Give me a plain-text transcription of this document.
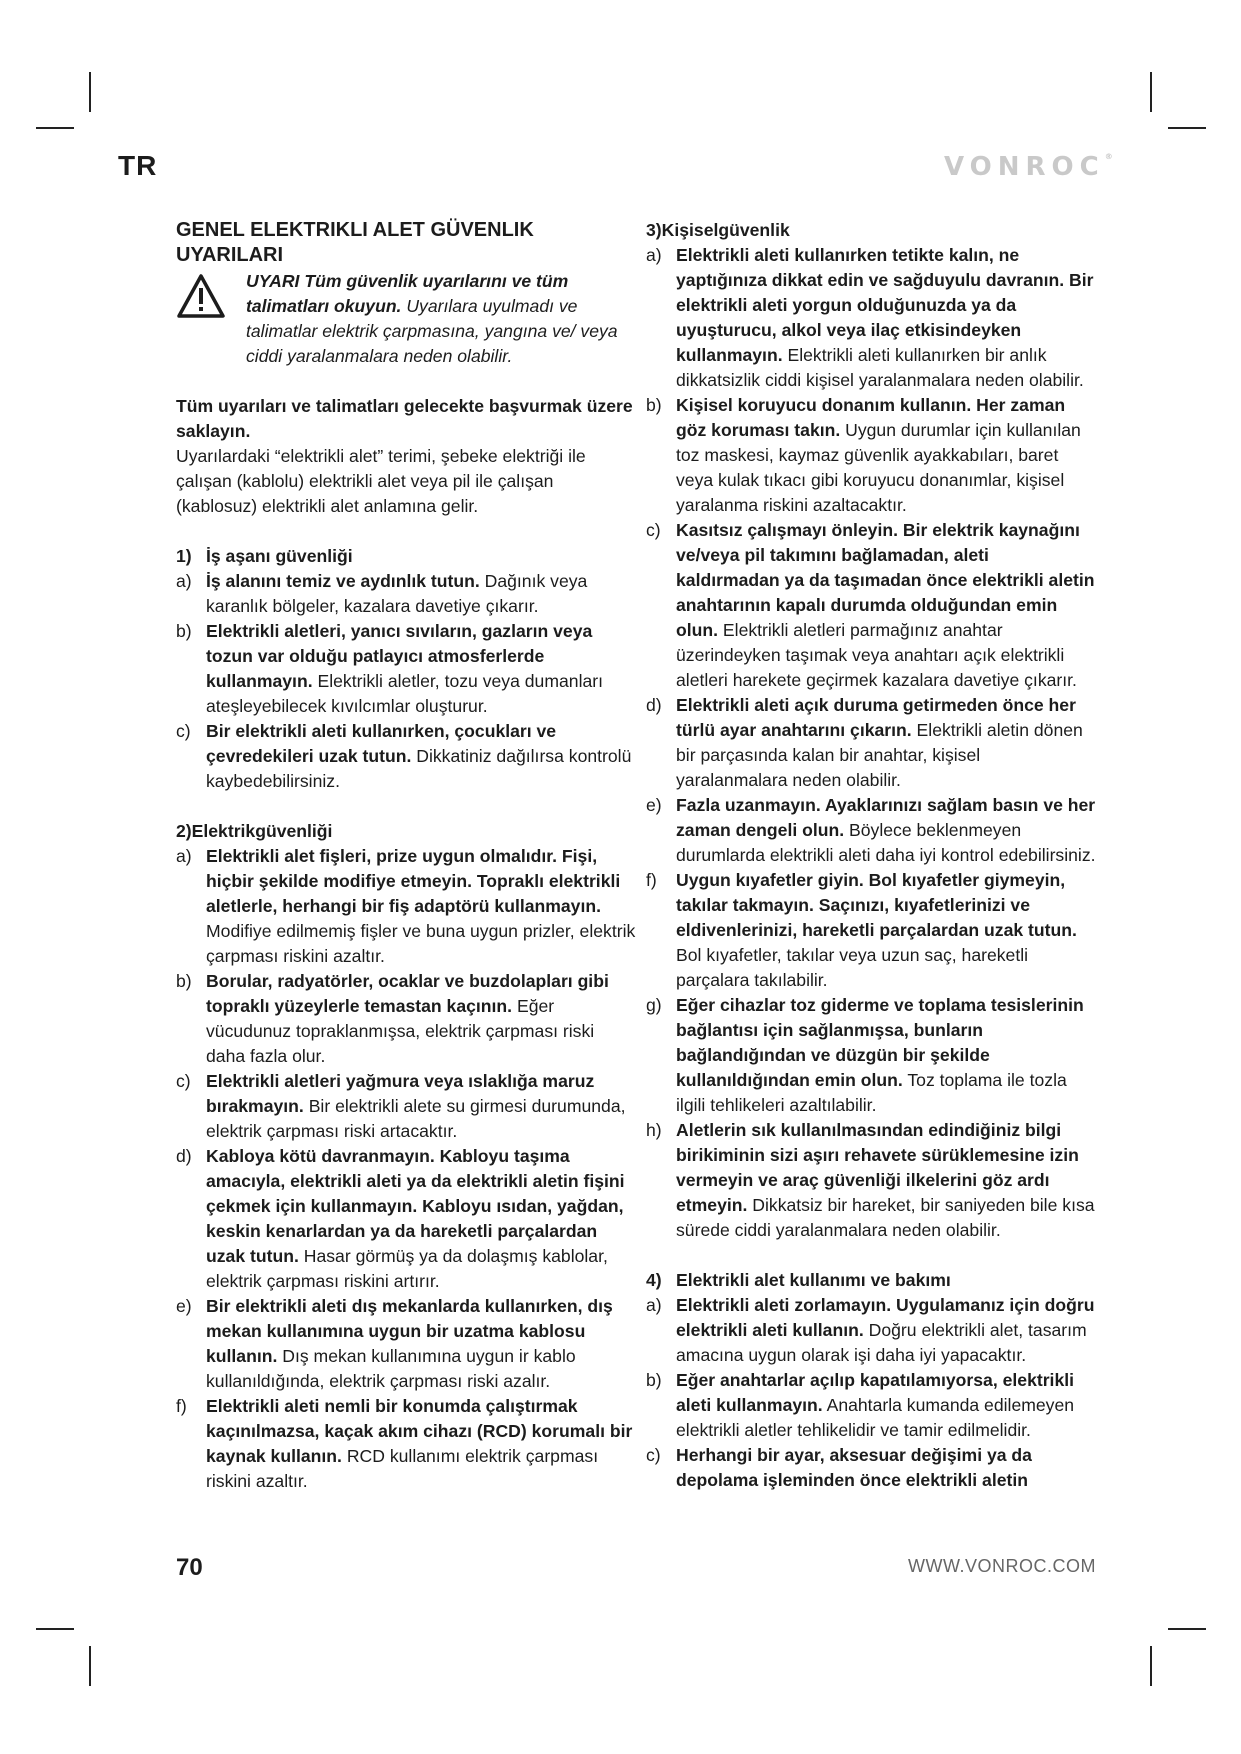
TR	VONROC®
GENEL ELEKTRIKLI ALET GÜVENLIK UYARILARI
UYARI Tüm güvenlik uyarılarını ve tüm talimatları okuyun. Uyarılara uyulmadı ve talimatlar elektrik çarpmasına, yangına ve/ veya ciddi yaralanmalara neden olabilir.
Tüm uyarıları ve talimatları gelecekte başvurmak üzere saklayın.
Uyarılardaki “elektrikli alet” terimi, şebeke elektriği ile çalışan (kablolu) elektrikli alet veya pil ile çalışan (kablosuz) elektrikli alet anlamına gelir.
1) İş aşanı güvenliği
a) İş alanını temiz ve aydınlık tutun. Dağınık veya karanlık bölgeler, kazalara davetiye çıkarır.
b) Elektrikli aletleri, yanıcı sıvıların, gazların veya tozun var olduğu patlayıcı atmosferlerde kullanmayın. Elektrikli aletler, tozu veya dumanları ateşleyebilecek kıvılcımlar oluşturur.
c) Bir elektrikli aleti kullanırken, çocukları ve çevredekileri uzak tutun. Dikkatiniz dağılırsa kontrolü kaybedebilirsiniz.
2)Elektrikgüvenliği
a) Elektrikli alet fişleri, prize uygun olmalıdır. Fişi, hiçbir şekilde modifiye etmeyin. Topraklı elektrikli aletlerle, herhangi bir fiş adaptörü kullanmayın. Modifiye edilmemiş fişler ve buna uygun prizler, elektrik çarpması riskini azaltır.
b) Borular, radyatörler, ocaklar ve buzdolapları gibi topraklı yüzeylerle temastan kaçının. Eğer vücudunuz topraklanmışsa, elektrik çarpması riski daha fazla olur.
c) Elektrikli aletleri yağmura veya ıslaklığa maruz bırakmayın. Bir elektrikli alete su girmesi durumunda, elektrik çarpması riski artacaktır.
d) Kabloya kötü davranmayın. Kabloyu taşıma amacıyla, elektrikli aleti ya da elektrikli aletin fişini çekmek için kullanmayın. Kabloyu ısıdan, yağdan, keskin kenarlardan ya da hareketli parçalardan uzak tutun. Hasar görmüş ya da dolaşmış kablolar, elektrik çarpması riskini artırır.
e) Bir elektrikli aleti dış mekanlarda kullanırken, dış mekan kullanımına uygun bir uzatma kablosu kullanın. Dış mekan kullanımına uygun ir kablo kullanıldığında, elektrik çarpması riski azalır.
f)	Elektrikli aleti nemli bir konumda çalıştırmak kaçınılmazsa, kaçak akım cihazı (RCD) korumalı bir kaynak kullanın. RCD kullanımı elektrik çarpması riskini azaltır.
3)Kişiselgüvenlik
a) Elektrikli aleti kullanırken tetikte kalın, ne yaptığınıza dikkat edin ve sağduyulu davranın. Bir elektrikli aleti yorgun olduğunuzda ya da uyuşturucu, alkol veya ilaç etkisindeyken kullanmayın. Elektrikli aleti kullanırken bir anlık dikkatsizlik ciddi kişisel yaralanmalara neden olabilir.
b) Kişisel koruyucu donanım kullanın. Her zaman göz koruması takın. Uygun durumlar için kullanılan toz maskesi, kaymaz güvenlik ayakkabıları, baret veya kulak tıkacı gibi koruyucu donanımlar, kişisel yaralanma riskini azaltacaktır.
c) Kasıtsız çalışmayı önleyin. Bir elektrik kaynağını ve/veya pil takımını bağlamadan, aleti kaldırmadan ya da taşımadan önce elektrikli aletin anahtarının kapalı durumda olduğundan emin olun. Elektrikli aletleri parmağınız anahtar üzerindeyken taşımak veya anahtarı açık elektrikli aletleri harekete geçirmek kazalara davetiye çıkarır.
d) Elektrikli aleti açık duruma getirmeden önce her türlü ayar anahtarını çıkarın. Elektrikli aletin dönen bir parçasında kalan bir anahtar, kişisel yaralanmalara neden olabilir.
e) Fazla uzanmayın. Ayaklarınızı sağlam basın ve her zaman dengeli olun. Böylece beklenmeyen durumlarda elektrikli aleti daha iyi kontrol edebilirsiniz.
f)	Uygun kıyafetler giyin. Bol kıyafetler giymeyin, takılar takmayın. Saçınızı, kıyafetlerinizi ve eldivenlerinizi, hareketli parçalardan uzak tutun. Bol kıyafetler, takılar veya uzun saç, hareketli parçalara takılabilir.
g) Eğer cihazlar toz giderme ve toplama tesislerinin bağlantısı için sağlanmışsa, bunların bağlandığından ve düzgün bir şekilde kullanıldığından emin olun. Toz toplama ile tozla ilgili tehlikeleri azaltılabilir.
h) Aletlerin sık kullanılmasından edindiğiniz bilgi birikiminin sizi aşırı rehavete sürüklemesine izin vermeyin ve araç güvenliği ilkelerini göz ardı etmeyin. Dikkatsiz bir hareket, bir saniyeden bile kısa sürede ciddi yaralanmalara neden olabilir.
4) Elektrikli alet kullanımı ve bakımı
a) Elektrikli aleti zorlamayın. Uygulamanız için doğru elektrikli aleti kullanın. Doğru elektrikli alet, tasarım amacına uygun olarak işi daha iyi yapacaktır.
b) Eğer anahtarlar açılıp kapatılamıyorsa, elektrikli aleti kullanmayın. Anahtarla kumanda edilemeyen elektrikli aletler tehlikelidir ve tamir edilmelidir.
c) Herhangi bir ayar, aksesuar değişimi ya da depolama işleminden önce elektrikli aletin
70	WWW.VONROC.COM
